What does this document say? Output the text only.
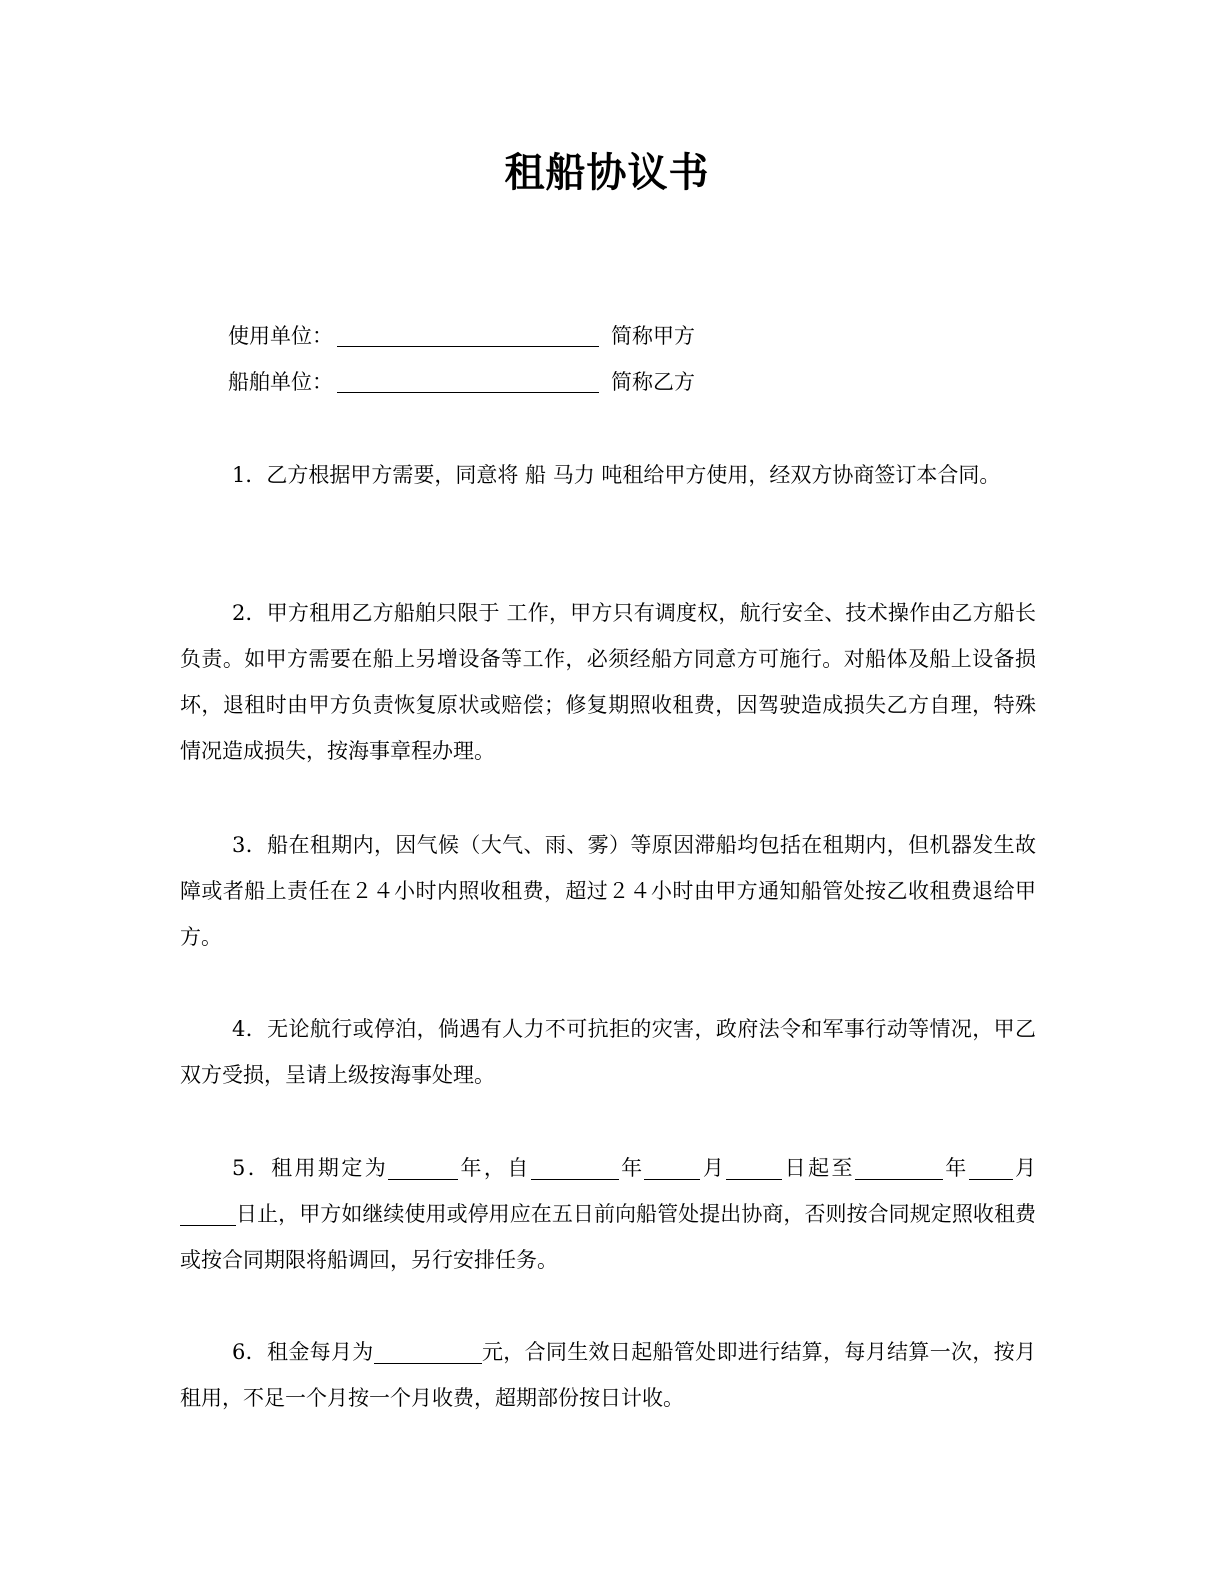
租船协议书
使用单位：	简称甲方
船舶单位：	简称乙方

1．乙方根据甲方需要，同意将 船 马力 吨租给甲方使用，经双方协商签订本合同。

2．甲方租用乙方船舶只限于 工作，甲方只有调度权，航行安全、技术操作由乙方船长负责。如甲方需要在船上另增设备等工作，必须经船方同意方可施行。对船体及船上设备损坏，退租时由甲方负责恢复原状或赔偿；修复期照收租费，因驾驶造成损失乙方自理，特殊情况造成损失，按海事章程办理。

3．船在租期内，因气候（大气、雨、雾）等原因滞船均包括在租期内，但机器发生故障或者船上责任在２４小时内照收租费，超过２４小时由甲方通知船管处按乙收租费退给甲方。

4．无论航行或停泊，倘遇有人力不可抗拒的灾害，政府法令和军事行动等情况，甲乙双方受损，呈请上级按海事处理。

5．租用期定为	年，自	年	月	日起至	年 月日止，甲方如继续使用或停用应在五日前向船管处提出协商，否则按合同规定照收租费或按合同期限将船调回，另行安排任务。

6．租金每月为	元，合同生效日起船管处即进行结算，每月结算一次，按月租用，不足一个月按一个月收费，超期部份按日计收。
